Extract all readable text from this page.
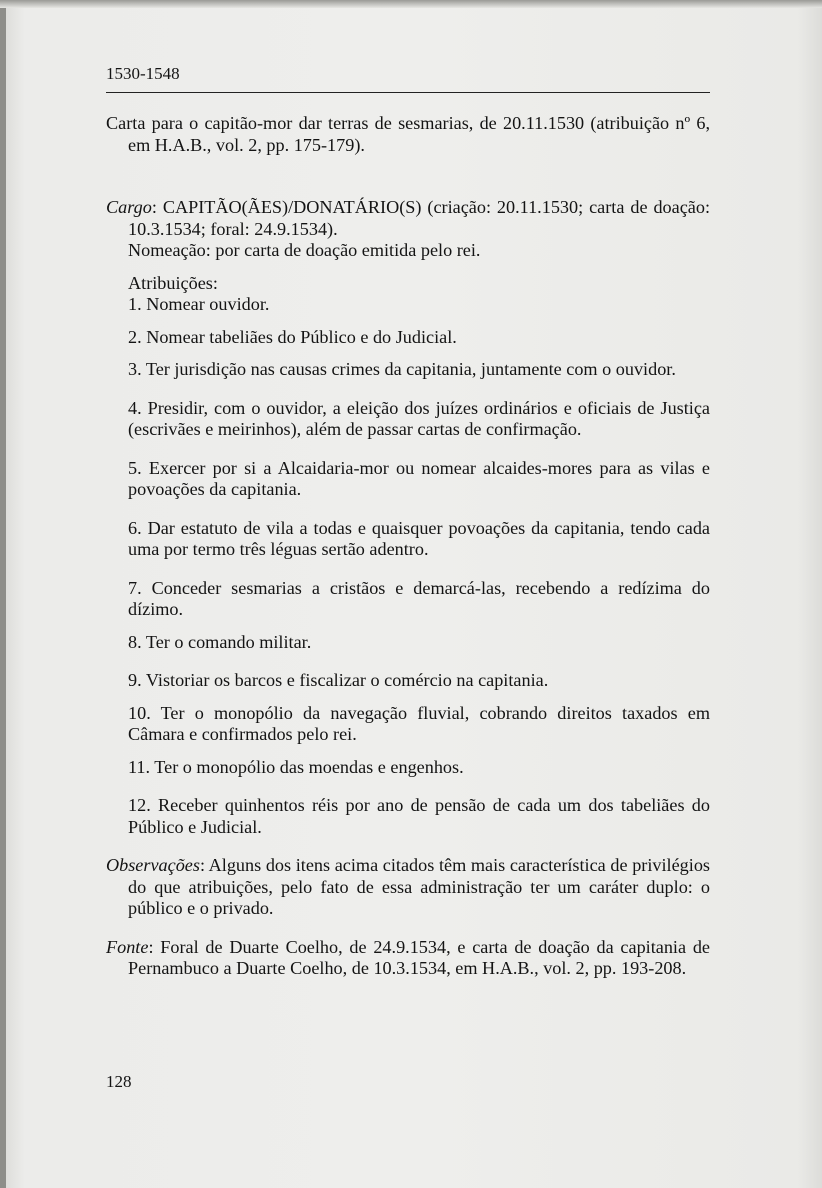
1530-1548
Carta para o capitão-mor dar terras de sesmarias, de 20.11.1530 (atribuição nº 6, em H.A.B., vol. 2, pp. 175-179).
Cargo: CAPITÃO(ÃES)/DONATÁRIO(S) (criação: 20.11.1530; carta de doação: 10.3.1534; foral: 24.9.1534).
Nomeação: por carta de doação emitida pelo rei.
Atribuições:
1. Nomear ouvidor.
2. Nomear tabeliães do Público e do Judicial.
3. Ter jurisdição nas causas crimes da capitania, juntamente com o ouvidor.
4. Presidir, com o ouvidor, a eleição dos juízes ordinários e oficiais de Justiça (escrivães e meirinhos), além de passar cartas de confirmação.
5. Exercer por si a Alcaidaria-mor ou nomear alcaides-mores para as vilas e povoações da capitania.
6. Dar estatuto de vila a todas e quaisquer povoações da capitania, tendo cada uma por termo três léguas sertão adentro.
7. Conceder sesmarias a cristãos e demarcá-las, recebendo a redízima do dízimo.
8. Ter o comando militar.
9. Vistoriar os barcos e fiscalizar o comércio na capitania.
10. Ter o monopólio da navegação fluvial, cobrando direitos taxados em Câmara e confirmados pelo rei.
11. Ter o monopólio das moendas e engenhos.
12. Receber quinhentos réis por ano de pensão de cada um dos tabeliães do Público e Judicial.
Observações: Alguns dos itens acima citados têm mais característica de privilégios do que atribuições, pelo fato de essa administração ter um caráter duplo: o público e o privado.
Fonte: Foral de Duarte Coelho, de 24.9.1534, e carta de doação da capitania de Pernambuco a Duarte Coelho, de 10.3.1534, em H.A.B., vol. 2, pp. 193-208.
128
